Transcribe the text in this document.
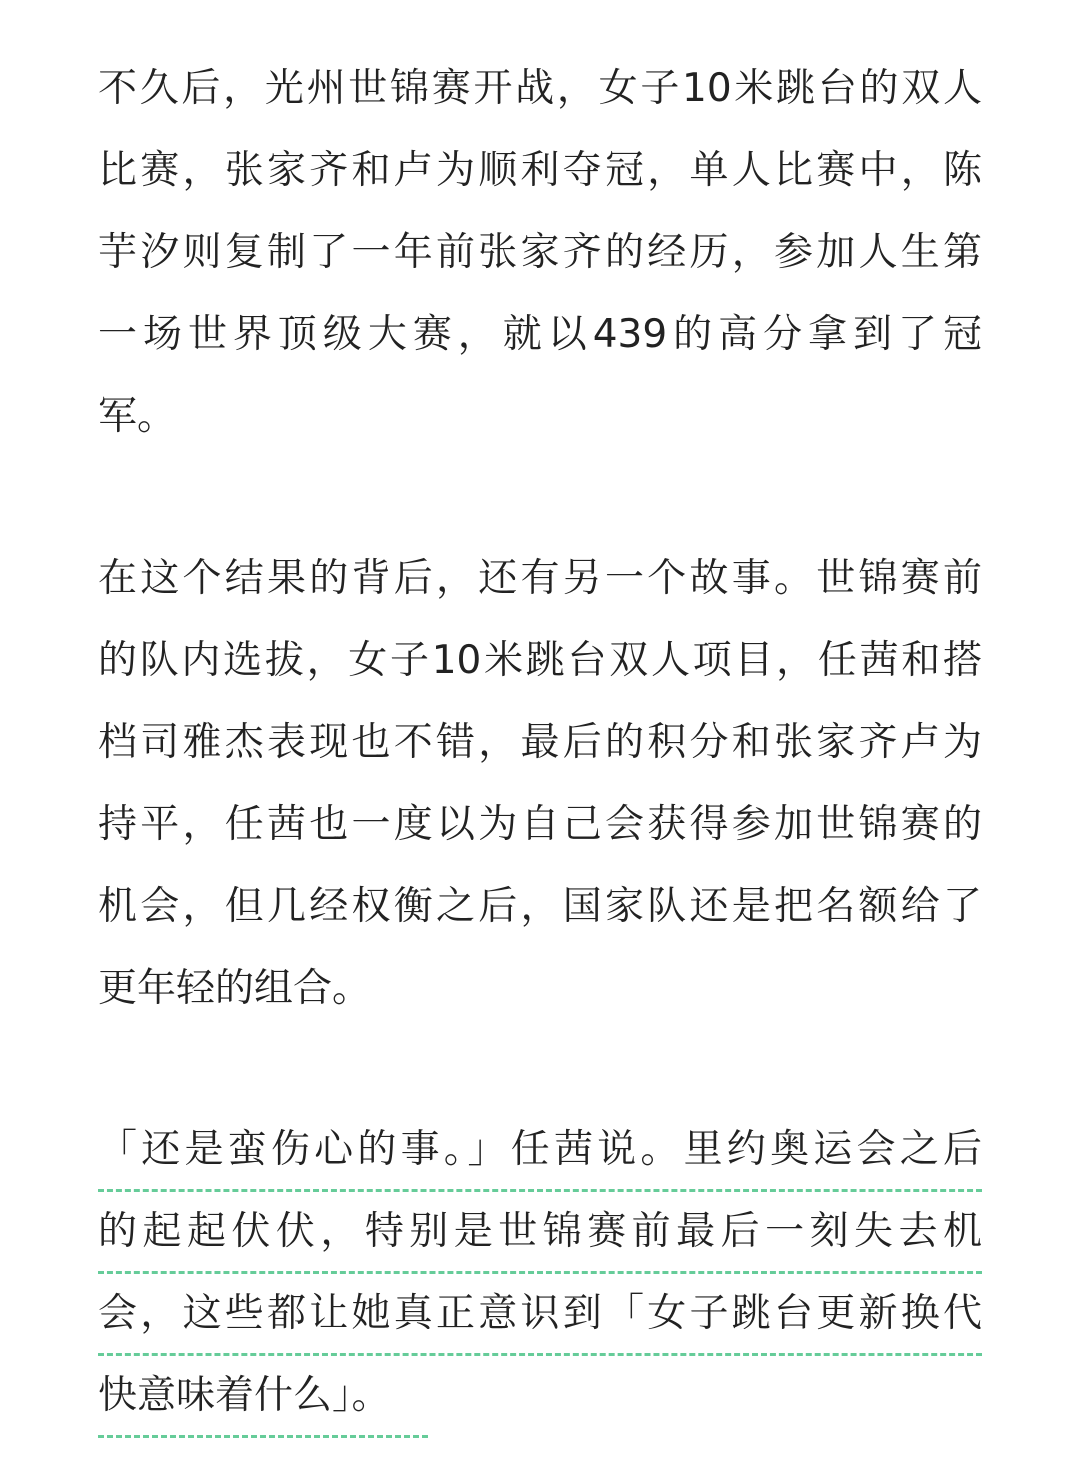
不久后，光州世锦赛开战，女子10米跳台的双人
比赛，张家齐和卢为顺利夺冠，单人比赛中，陈
芋汐则复制了一年前张家齐的经历，参加人生第
一场世界顶级大赛，就以439的高分拿到了冠
军。
在这个结果的背后，还有另一个故事。世锦赛前
的队内选拔，女子10米跳台双人项目，任茜和搭
档司雅杰表现也不错，最后的积分和张家齐卢为
持平，任茜也一度以为自己会获得参加世锦赛的
机会，但几经权衡之后，国家队还是把名额给了
更年轻的组合。
「还是蛮伤心的事。」任茜说。里约奥运会之后
的起起伏伏，特别是世锦赛前最后一刻失去机
会，这些都让她真正意识到「女子跳台更新换代
快意味着什么」。
